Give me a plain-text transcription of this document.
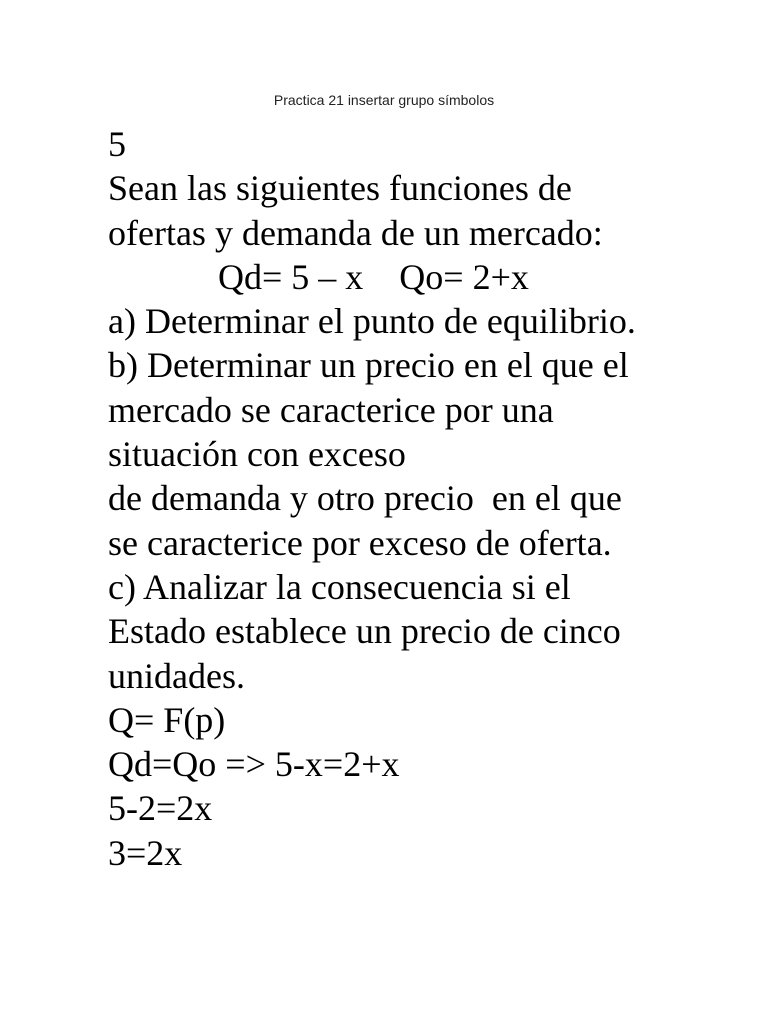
Practica 21 insertar grupo símbolos
5
Sean las siguientes funciones de
ofertas y demanda de un mercado:
Qd= 5 – x    Qo= 2+x
a) Determinar el punto de equilibrio.
b) Determinar un precio en el que el
mercado se caracterice por una
situación con exceso
de demanda y otro precio  en el que
se caracterice por exceso de oferta.
c) Analizar la consecuencia si el
Estado establece un precio de cinco
unidades.
Q= F(p)
Qd=Qo => 5-x=2+x
5-2=2x
3=2x
